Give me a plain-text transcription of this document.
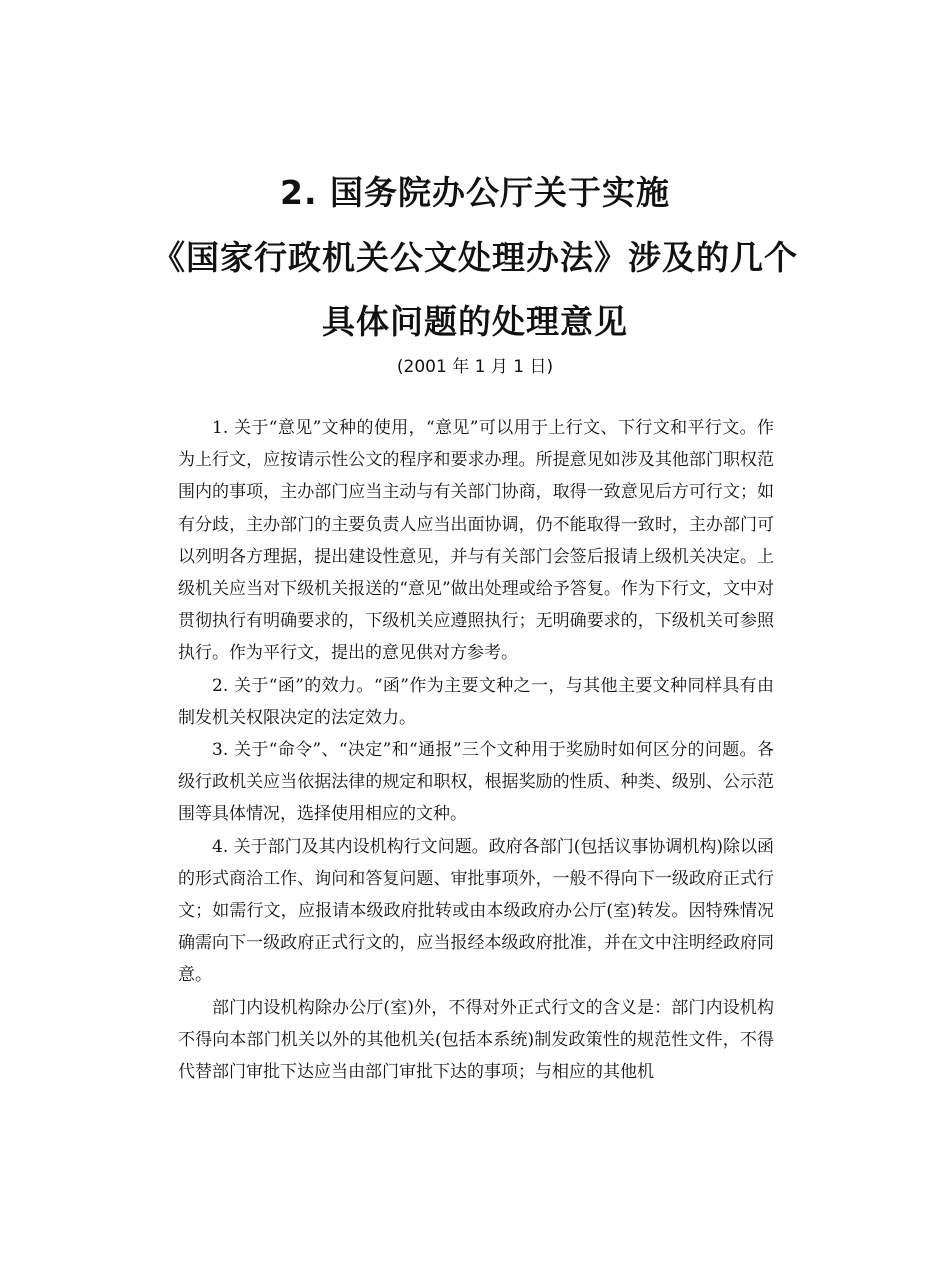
2. 国务院办公厅关于实施
《国家行政机关公文处理办法》涉及的几个
具体问题的处理意见
(2001 年 1 月 1 日)

1. 关于“意见”文种的使用，“意见”可以用于上行文、下行文和平行文。作为上行文，应按请示性公文的程序和要求办理。所提意见如涉及其他部门职权范围内的事项，主办部门应当主动与有关部门协商，取得一致意见后方可行文；如有分歧，主办部门的主要负责人应当出面协调，仍不能取得一致时，主办部门可以列明各方理据，提出建设性意见，并与有关部门会签后报请上级机关决定。上级机关应当对下级机关报送的“意见”做出处理或给予答复。作为下行文，文中对贯彻执行有明确要求的，下级机关应遵照执行；无明确要求的，下级机关可参照执行。作为平行文，提出的意见供对方参考。

2. 关于“函”的效力。“函”作为主要文种之一，与其他主要文种同样具有由制发机关权限决定的法定效力。

3. 关于“命令”、“决定”和“通报”三个文种用于奖励时如何区分的问题。各级行政机关应当依据法律的规定和职权，根据奖励的性质、种类、级别、公示范围等具体情况，选择使用相应的文种。

4. 关于部门及其内设机构行文问题。政府各部门(包括议事协调机构)除以函的形式商洽工作、询问和答复问题、审批事项外，一般不得向下一级政府正式行文；如需行文，应报请本级政府批转或由本级政府办公厅(室)转发。因特殊情况确需向下一级政府正式行文的，应当报经本级政府批准，并在文中注明经政府同意。

部门内设机构除办公厅(室)外，不得对外正式行文的含义是：部门内设机构不得向本部门机关以外的其他机关(包括本系统)制发政策性的规范性文件，不得代替部门审批下达应当由部门审批下达的事项；与相应的其他机
